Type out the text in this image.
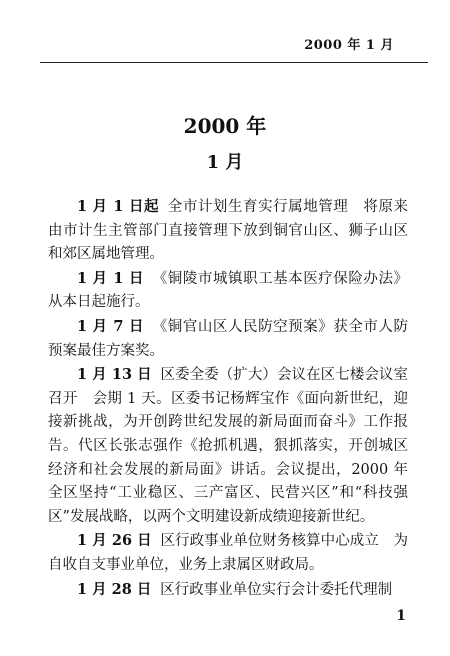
2000 年 1 月
2000 年
1 月

1 月 1 日起 全市计划生育实行属地管理　将原来由市计生主管部门直接管理下放到铜官山区、狮子山区和郊区属地管理。

1 月 1 日 《铜陵市城镇职工基本医疗保险办法》从本日起施行。

1 月 7 日 《铜官山区人民防空预案》获全市人防预案最佳方案奖。

1 月 13 日 区委全委（扩大）会议在区七楼会议室召开　会期 1 天。区委书记杨辉宝作《面向新世纪，迎接新挑战，为开创跨世纪发展的新局面而奋斗》工作报告。代区长张志强作《抢抓机遇，狠抓落实，开创城区经济和社会发展的新局面》讲话。会议提出，2000 年全区坚持“工业稳区、三产富区、民营兴区”和“科技强区”发展战略，以两个文明建设新成绩迎接新世纪。

1 月 26 日 区行政事业单位财务核算中心成立　为自收自支事业单位，业务上隶属区财政局。

1 月 28 日 区行政事业单位实行会计委托代理制

1
